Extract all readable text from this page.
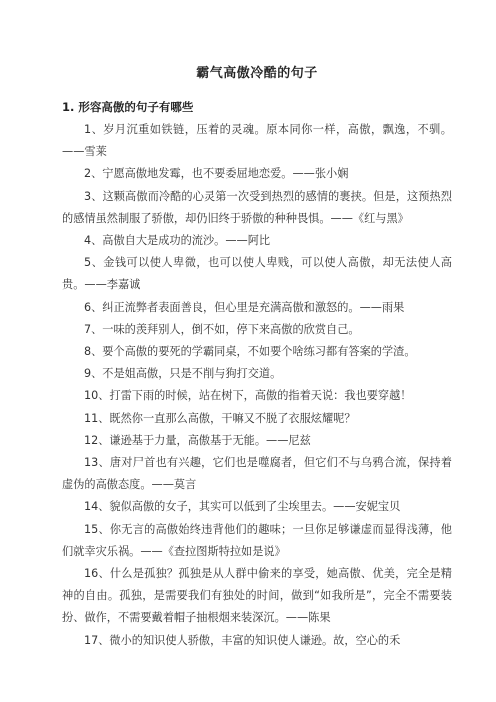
霸气高傲冷酷的句子
1. 形容高傲的句子有哪些

1、岁月沉重如铁链，压着的灵魂。原本同你一样，高傲，飘逸，不驯。——雪莱

2、宁愿高傲地发霉，也不要委屈地恋爱。——张小娴

3、这颗高傲而冷酷的心灵第一次受到热烈的感情的裹挟。但是，这预热烈的感情虽然制服了骄傲，却仍旧终于骄傲的种种畏惧。——《红与黑》

4、高傲自大是成功的流沙。——阿比

5、金钱可以使人卑微，也可以使人卑贱，可以使人高傲，却无法使人高贵。——李嘉诚

6、纠正流弊者表面善良，但心里是充满高傲和激怒的。——雨果

7、一味的羡拜别人，倒不如，停下来高傲的欣赏自己。

8、要个高傲的要死的学霸同桌，不如要个啥练习都有答案的学渣。

9、不是姐高傲，只是不削与狗打交道。

10、打雷下雨的时候，站在树下，高傲的指着天说：我也要穿越！

11、既然你一直那么高傲，干嘛又不脱了衣服炫耀呢？

12、谦逊基于力量，高傲基于无能。——尼兹

13、唐对尸首也有兴趣，它们也是噬腐者，但它们不与乌鸦合流，保持着虚伪的高傲态度。——莫言

14、貌似高傲的女子，其实可以低到了尘埃里去。——安妮宝贝

15、你无言的高傲始终违背他们的趣味；一旦你足够谦虚而显得浅薄，他们就幸灾乐祸。——《查拉图斯特拉如是说》

16、什么是孤独？孤独是从人群中偷来的享受，她高傲、优美，完全是精神的自由。孤独，是需要我们有独处的时间，做到“如我所是”，完全不需要装扮、做作，不需要戴着帽子抽根烟来装深沉。——陈果

17、微小的知识使人骄傲，丰富的知识使人谦逊。故，空心的禾
